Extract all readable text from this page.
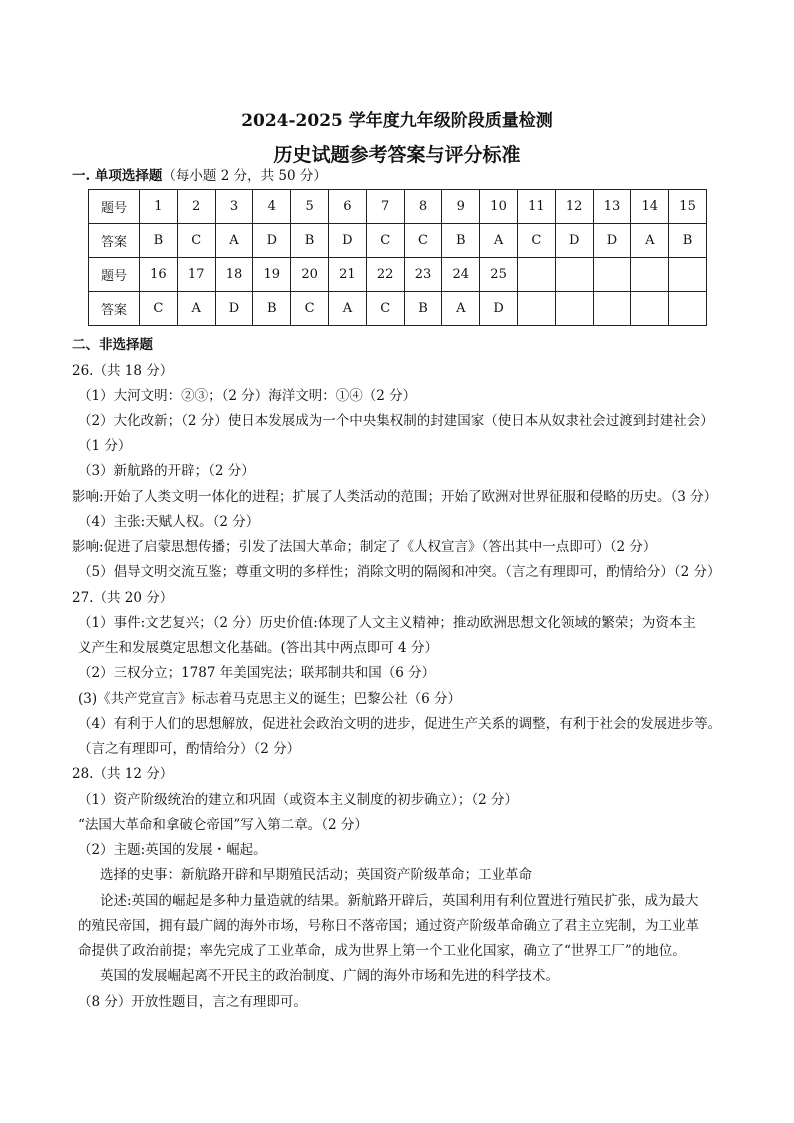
2024-2025 学年度九年级阶段质量检测
历史试题参考答案与评分标准
一. 单项选择题（每小题 2 分，共 50 分）
题号	1	2	3	4	5	6	7	8	9	10	11	12	13	14	15
答案	B	C	A	D	B	D	C	C	B	A	C	D	D	A	B
题号	16	17	18	19	20	21	22	23	24	25					
答案	C	A	D	B	C	A	C	B	A	D					
二、非选择题
26.（共 18 分）
（1）大河文明：②③；（2 分）海洋文明：①④（2 分）
（2）大化改新；（2 分）使日本发展成为一个中央集权制的封建国家（使日本从奴隶社会过渡到封建社会）
（1 分）
（3）新航路的开辟；（2 分）
影响:开始了人类文明一体化的进程；扩展了人类活动的范围；开始了欧洲对世界征服和侵略的历史。（3 分）
（4）主张:天赋人权。（2 分）
影响:促进了启蒙思想传播；引发了法国大革命；制定了《人权宣言》（答出其中一点即可）（2 分）
（5）倡导文明交流互鉴；尊重文明的多样性；消除文明的隔阂和冲突。（言之有理即可，酌情给分）（2 分）
27.（共 20 分）
（1）事件:文艺复兴；（2 分）历史价值:体现了人文主义精神；推动欧洲思想文化领域的繁荣；为资本主
义产生和发展奠定思想文化基础。(答出其中两点即可 4 分）
（2）三权分立；1787 年美国宪法；联邦制共和国（6 分）
(3)《共产党宣言》标志着马克思主义的诞生；巴黎公社（6 分）
（4）有利于人们的思想解放，促进社会政治文明的进步，促进生产关系的调整，有利于社会的发展进步等。
（言之有理即可，酌情给分）（2 分）
28.（共 12 分）
（1）资产阶级统治的建立和巩固（或资本主义制度的初步确立）；（2 分）
“法国大革命和拿破仑帝国”写入第二章。（2 分）
（2）主题:英国的发展・崛起。
选择的史事：新航路开辟和早期殖民活动；英国资产阶级革命；工业革命
论述:英国的崛起是多种力量造就的结果。新航路开辟后，英国利用有利位置进行殖民扩张，成为最大
的殖民帝国，拥有最广阔的海外市场，号称日不落帝国；通过资产阶级革命确立了君主立宪制，为工业革
命提供了政治前提；率先完成了工业革命，成为世界上第一个工业化国家，确立了“世界工厂”的地位。
英国的发展崛起离不开民主的政治制度、广阔的海外市场和先进的科学技术。
（8 分）开放性题目，言之有理即可。
